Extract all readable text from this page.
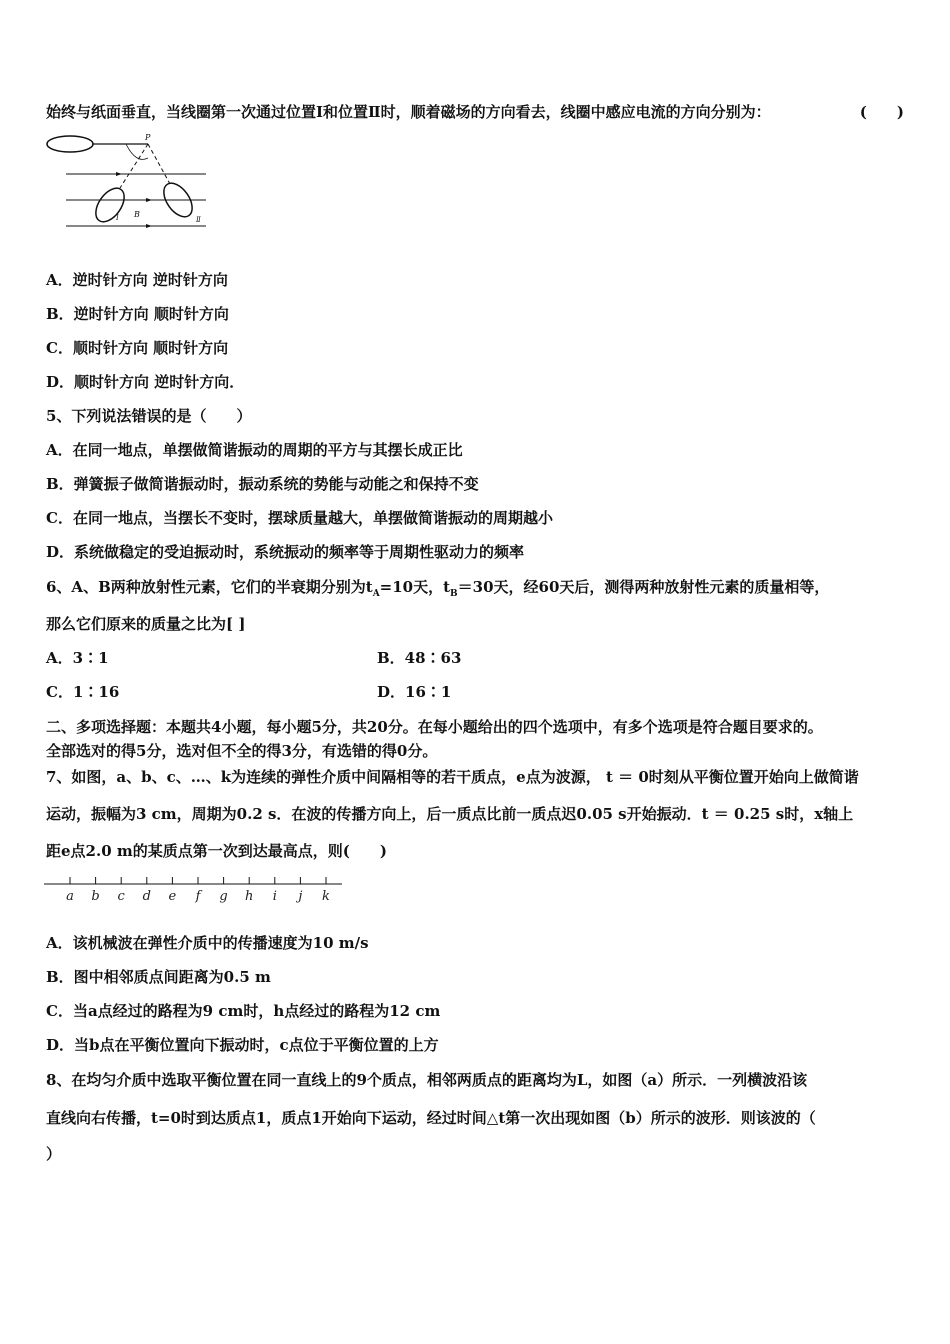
始终与纸面垂直，当线圈第一次通过位置Ⅰ和位置Ⅱ时，顺着磁场的方向看去，线圈中感应电流的方向分别为：	(　　)
P
Ⅰ B
Ⅱ
A．逆时针方向 逆时针方向
B．逆时针方向 顺时针方向
C．顺时针方向 顺时针方向
D．顺时针方向 逆时针方向．
5、下列说法错误的是（　　）
A．在同一地点，单摆做简谐振动的周期的平方与其摆长成正比
B．弹簧振子做简谐振动时，振动系统的势能与动能之和保持不变
C．在同一地点，当摆长不变时，摆球质量越大，单摆做简谐振动的周期越小
D．系统做稳定的受迫振动时，系统振动的频率等于周期性驱动力的频率
6、A、B两种放射性元素，它们的半衰期分别为$t_A=10$天，$t_B=30$天，经60天后，测得两种放射性元素的质量相等，
那么它们原来的质量之比为[ ]
A．3∶1	B．48∶63
C．1∶16	D．16∶1
二、多项选择题：本题共4小题，每小题5分，共20分。在每小题给出的四个选项中，有多个选项是符合题目要求的。
全部选对的得5分，选对但不全的得3分，有选错的得0分。
7、如图，a、b、c、…、k为连续的弹性介质中间隔相等的若干质点，e点为波源， t ＝ 0时刻从平衡位置开始向上做简谐
运动，振幅为3 cm，周期为0.2 s．在波的传播方向上，后一质点比前一质点迟0.05 s开始振动．t ＝ 0.25 s时，x轴上
距e点2.0 m的某质点第一次到达最高点，则(　　)
a b c d e f g h i j k
A．该机械波在弹性介质中的传播速度为10 m/s
B．图中相邻质点间距离为0.5 m
C．当a点经过的路程为9 cm时，h点经过的路程为12 cm
D．当b点在平衡位置向下振动时，c点位于平衡位置的上方
8、在均匀介质中选取平衡位置在同一直线上的9个质点，相邻两质点的距离均为L，如图（a）所示．一列横波沿该
直线向右传播，t=0时到达质点1，质点1开始向下运动，经过时间△t第一次出现如图（b）所示的波形．则该波的（
）
